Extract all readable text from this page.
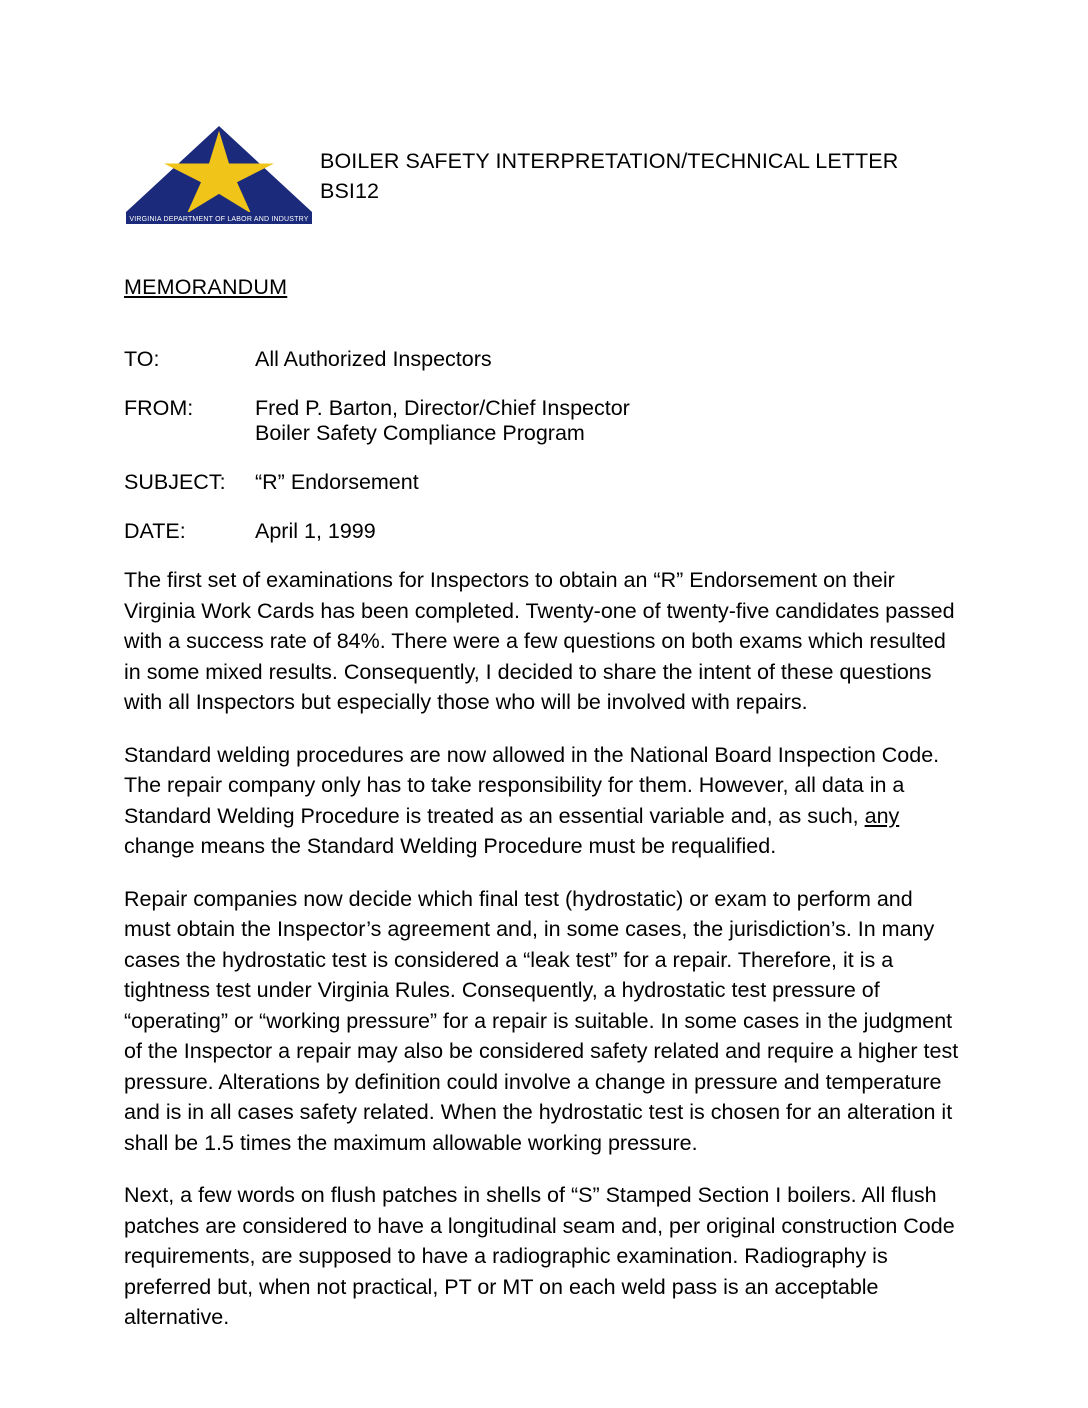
VIRGINIA DEPARTMENT OF LABOR AND INDUSTRY
BOILER SAFETY INTERPRETATION/TECHNICAL LETTER
BSI12
MEMORANDUM
TO:	All Authorized Inspectors
FROM:	Fred P. Barton, Director/Chief Inspector
Boiler Safety Compliance Program
SUBJECT:	“R” Endorsement
DATE:	April 1, 1999

The first set of examinations for Inspectors to obtain an “R” Endorsement on their Virginia Work Cards has been completed. Twenty-one of twenty-five candidates passed with a success rate of 84%. There were a few questions on both exams which resulted in some mixed results. Consequently, I decided to share the intent of these questions with all Inspectors but especially those who will be involved with repairs.

Standard welding procedures are now allowed in the National Board Inspection Code. The repair company only has to take responsibility for them. However, all data in a Standard Welding Procedure is treated as an essential variable and, as such, any change means the Standard Welding Procedure must be requalified.

Repair companies now decide which final test (hydrostatic) or exam to perform and must obtain the Inspector’s agreement and, in some cases, the jurisdiction’s. In many cases the hydrostatic test is considered a “leak test” for a repair. Therefore, it is a tightness test under Virginia Rules. Consequently, a hydrostatic test pressure of “operating” or “working pressure” for a repair is suitable. In some cases in the judgment of the Inspector a repair may also be considered safety related and require a higher test pressure. Alterations by definition could involve a change in pressure and temperature and is in all cases safety related. When the hydrostatic test is chosen for an alteration it shall be 1.5 times the maximum allowable working pressure.

Next, a few words on flush patches in shells of “S” Stamped Section I boilers. All flush patches are considered to have a longitudinal seam and, per original construction Code requirements, are supposed to have a radiographic examination. Radiography is preferred but, when not practical, PT or MT on each weld pass is an acceptable alternative.
